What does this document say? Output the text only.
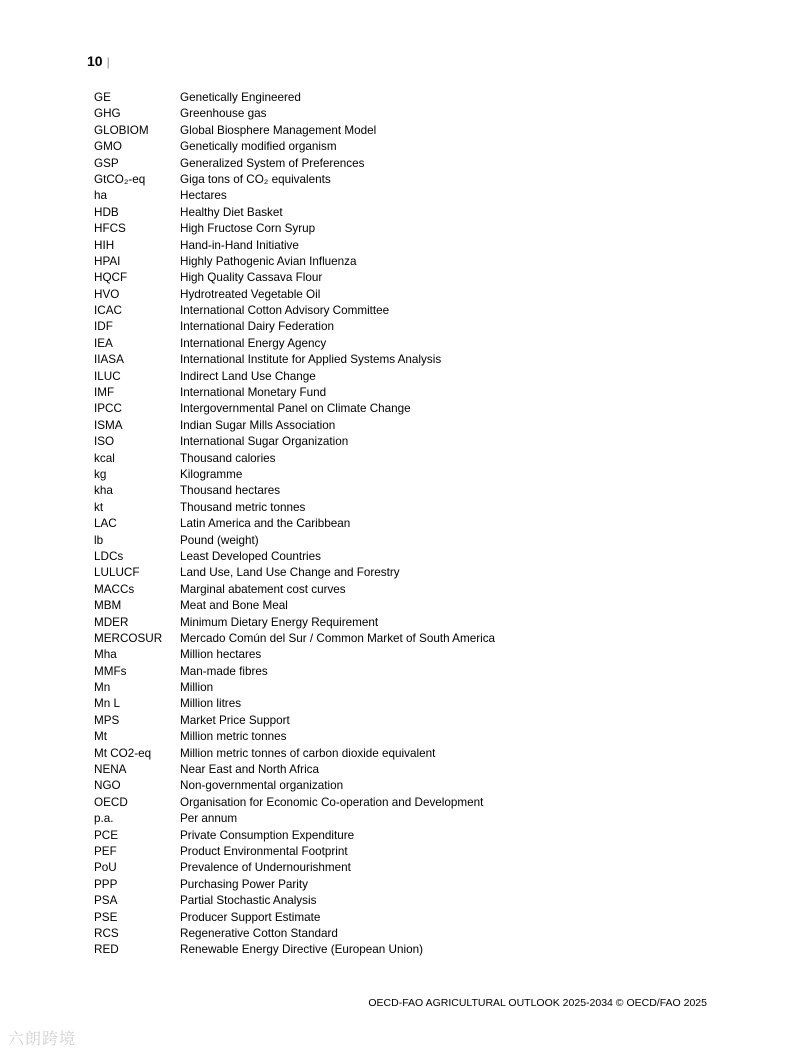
10 |
GE	Genetically Engineered
GHG	Greenhouse gas
GLOBIOM	Global Biosphere Management Model
GMO	Genetically modified organism
GSP	Generalized System of Preferences
GtCO₂-eq	Giga tons of CO₂ equivalents
ha	Hectares
HDB	Healthy Diet Basket
HFCS	High Fructose Corn Syrup
HIH	Hand-in-Hand Initiative
HPAI	Highly Pathogenic Avian Influenza
HQCF	High Quality Cassava Flour
HVO	Hydrotreated Vegetable Oil
ICAC	International Cotton Advisory Committee
IDF	International Dairy Federation
IEA	International Energy Agency
IIASA	International Institute for Applied Systems Analysis
ILUC	Indirect Land Use Change
IMF	International Monetary Fund
IPCC	Intergovernmental Panel on Climate Change
ISMA	Indian Sugar Mills Association
ISO	International Sugar Organization
kcal	Thousand calories
kg	Kilogramme
kha	Thousand hectares
kt	Thousand metric tonnes
LAC	Latin America and the Caribbean
lb	Pound (weight)
LDCs	Least Developed Countries
LULUCF	Land Use, Land Use Change and Forestry
MACCs	Marginal abatement cost curves
MBM	Meat and Bone Meal
MDER	Minimum Dietary Energy Requirement
MERCOSUR	Mercado Común del Sur / Common Market of South America
Mha	Million hectares
MMFs	Man-made fibres
Mn	Million
Mn L	Million litres
MPS	Market Price Support
Mt	Million metric tonnes
Mt CO2-eq	Million metric tonnes of carbon dioxide equivalent
NENA	Near East and North Africa
NGO	Non-governmental organization
OECD	Organisation for Economic Co-operation and Development
p.a.	Per annum
PCE	Private Consumption Expenditure
PEF	Product Environmental Footprint
PoU	Prevalence of Undernourishment
PPP	Purchasing Power Parity
PSA	Partial Stochastic Analysis
PSE	Producer Support Estimate
RCS	Regenerative Cotton Standard
RED	Renewable Energy Directive (European Union)
OECD-FAO AGRICULTURAL OUTLOOK 2025-2034 © OECD/FAO 2025
六朗跨境
